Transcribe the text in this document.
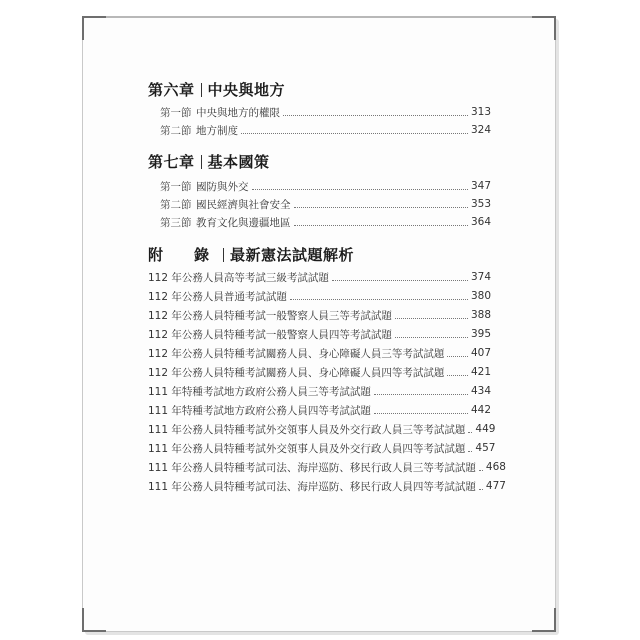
第六章 中央與地方
第一節 中央與地方的權限	313
第二節 地方制度	324
第七章 基本國策
第一節 國防與外交	347
第二節 國民經濟與社會安全	353
第三節 教育文化與邊疆地區	364
附　錄 最新憲法試題解析
112 年公務人員高等考試三級考試試題	374
112 年公務人員普通考試試題	380
112 年公務人員特種考試一般警察人員三等考試試題	388
112 年公務人員特種考試一般警察人員四等考試試題	395
112 年公務人員特種考試關務人員、身心障礙人員三等考試試題	407
112 年公務人員特種考試關務人員、身心障礙人員四等考試試題	421
111 年特種考試地方政府公務人員三等考試試題	434
111 年特種考試地方政府公務人員四等考試試題	442
111 年公務人員特種考試外交領事人員及外交行政人員三等考試試題 449
111 年公務人員特種考試外交領事人員及外交行政人員四等考試試題 457
111 年公務人員特種考試司法、海岸巡防、移民行政人員三等考試試題 468
111 年公務人員特種考試司法、海岸巡防、移民行政人員四等考試試題 477
